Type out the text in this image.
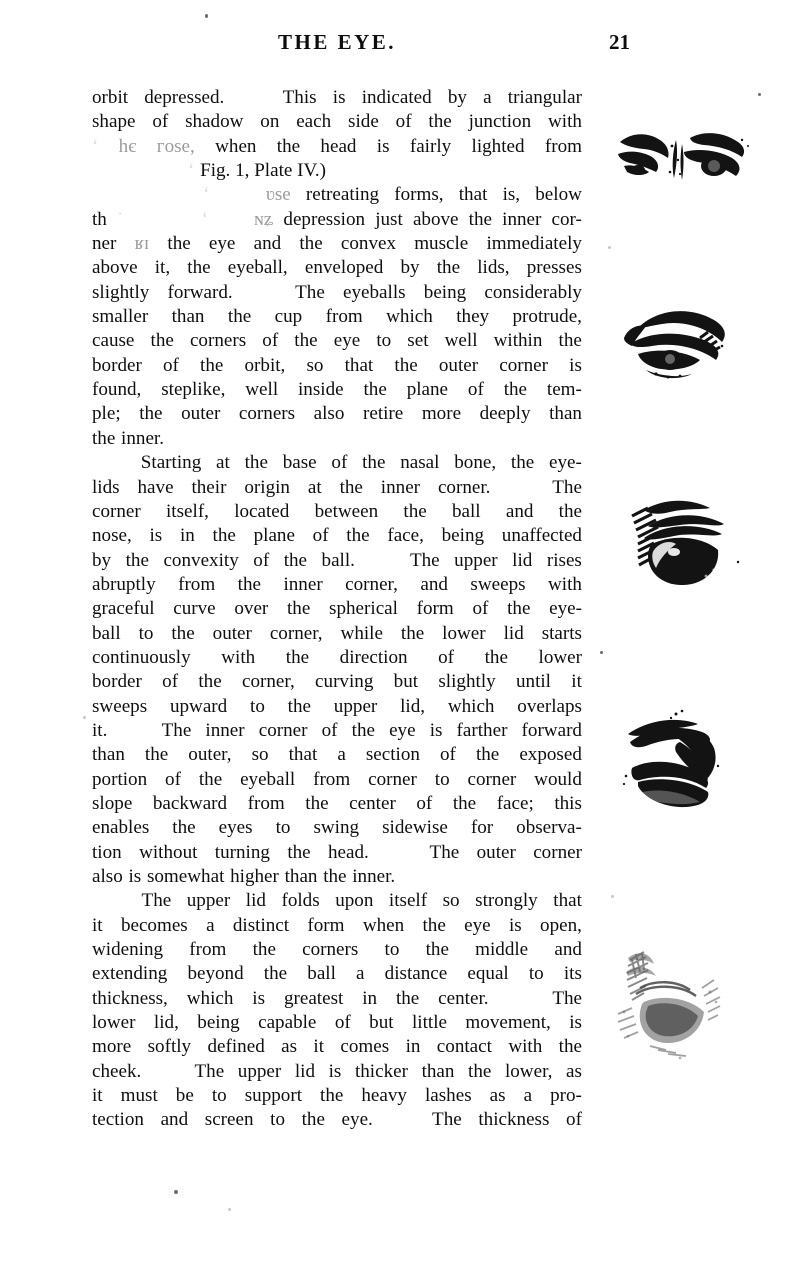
THE EYE.	21
orbit depressed.	This is indicated by a triangular
shape of shadow on each side of the junction with
ʻ hє гose, when the head is fairly lighted from
ʻ Fig. 1, Plate IV.)
ʻ	ʋse retreating forms, that is, below
th ˙	ʻ ɴʑ depression just above the inner cor-
ner ʁɪ the eye and the convex muscle immediately
above it, the eyeball, enveloped by the lids, presses
slightly forward.	The eyeballs being considerably
smaller than the cup from which they protrude,
cause the corners of the eye to set well within the
border of the orbit, so that the outer corner is
found, steplike, well inside the plane of the tem-
ple; the outer corners also retire more deeply than
the inner.
Starting at the base of the nasal bone, the eye-
lids have their origin at the inner corner.	The
corner itself, located between the ball and the
nose, is in the plane of the face, being unaffected
by the convexity of the ball.	The upper lid rises
abruptly from the inner corner, and sweeps with
graceful curve over the spherical form of the eye-
ball to the outer corner, while the lower lid starts
continuously with the direction of the lower
border of the corner, curving but slightly until it
sweeps upward to the upper lid, which overlaps
it.	The inner corner of the eye is farther forward
than the outer, so that a section of the exposed
portion of the eyeball from corner to corner would
slope backward from the center of the face; this
enables the eyes to swing sidewise for observa-
tion without turning the head.	The outer corner
also is somewhat higher than the inner.
The upper lid folds upon itself so strongly that
it becomes a distinct form when the eye is open,
widening from the corners to the middle and
extending beyond the ball a distance equal to its
thickness, which is greatest in the center.	The
lower lid, being capable of but little movement, is
more softly defined as it comes in contact with the
cheek.	The upper lid is thicker than the lower, as
it must be to support the heavy lashes as a pro-
tection and screen to the eye.	The thickness of
